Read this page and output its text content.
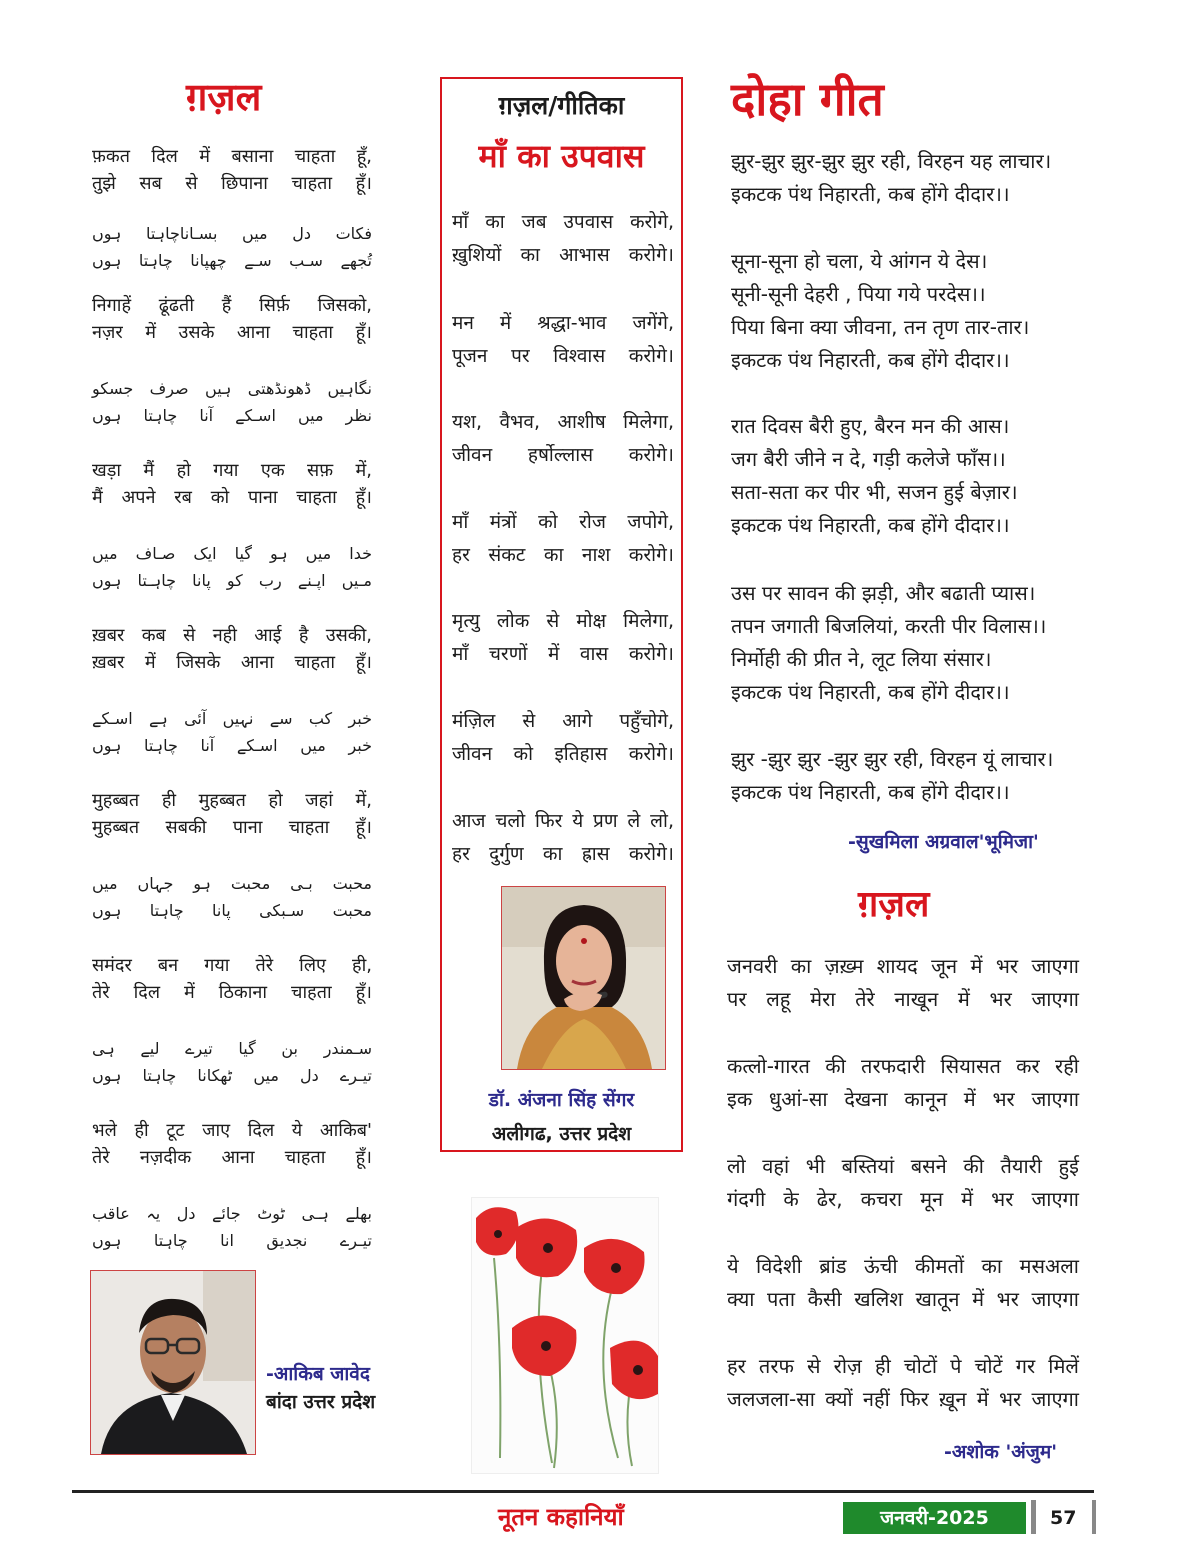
ग़ज़ल
फ़कत दिल में बसाना चाहता हूँ,
तुझे सब से छिपाना चाहता हूँ।
فکات دل میں بسـاناچاہتا ہوں
تُجھے سـب سـے چھپانا چاہتا ہوں
निगाहें ढूंढती हैं सिर्फ़ जिसको,
नज़र में उसके आना चाहता हूँ।
نگاہیں ڈھونڈھتی ہیں صرف جسکو
نظر میں اسـکے آنا چاہتا ہوں
खड़ा मैं हो गया एक सफ़ में,
मैं अपने रब को पाना चाहता हूँ।
خدا میں ہو گیا ایک صـاف میں
مـیں اپـنے رب کو پانا چاہـتا ہوں
ख़बर कब से नही आई है उसकी,
ख़बर में जिसके आना चाहता हूँ।
خبر کب سے نہیں آئی ہے اسـکے
خبر میں اسـکے آنا چاہتا ہوں
मुहब्बत ही मुहब्बत हो जहां में,
मुहब्बत सबकी पाना चाहता हूँ।
محبت بـی محبت ہو جہاں میں
محبت سـبکی پانا چاہتا ہوں
समंदर बन गया तेरे लिए ही,
तेरे दिल में ठिकाना चाहता हूँ।
سـمندر بن گیا تیرے لیے ہی
تیـرے دل میں ٹھکانا چاہتا ہوں
भले ही टूट जाए दिल ये आकिब'
तेरे नज़दीक आना चाहता हूँ।
بھلے ہـی ٹوٹ جائے دل یہ عاقب
تیـرے نجدیق انا چاہتا ہوں
-आकिब जावेद
बांदा उत्तर प्रदेश
ग़ज़ल/गीतिका
माँ का उपवास
माँ का जब उपवास करोगे,
ख़ुशियों का आभास करोगे।
मन में श्रद्धा-भाव जगेंगे,
पूजन पर विश्वास करोगे।
यश, वैभव, आशीष मिलेगा,
जीवन हर्षोल्लास करोगे।
माँ मंत्रों को रोज जपोगे,
हर संकट का नाश करोगे।
मृत्यु लोक से मोक्ष मिलेगा,
माँ चरणों में वास करोगे।
मंज़िल से आगे पहुँचोगे,
जीवन को इतिहास करोगे।
आज चलो फिर ये प्रण ले लो,
हर दुर्गुण का ह्रास करोगे।
डॉ. अंजना सिंह सेंगर
अलीगढ, उत्तर प्रदेश
दोहा गीत
झुर-झुर झुर-झुर झुर रही, विरहन यह लाचार।
इकटक पंथ निहारती, कब होंगे दीदार।।
सूना-सूना हो चला, ये आंगन ये देस।
सूनी-सूनी देहरी , पिया गये परदेस।।
पिया बिना क्या जीवना, तन तृण तार-तार।
इकटक पंथ निहारती, कब होंगे दीदार।।
रात दिवस बैरी हुए, बैरन मन की आस।
जग बैरी जीने न दे, गड़ी कलेजे फाँस।।
सता-सता कर पीर भी, सजन हुई बेज़ार।
इकटक पंथ निहारती, कब होंगे दीदार।।
उस पर सावन की झड़ी, और बढाती प्यास।
तपन जगाती बिजलियां, करती पीर विलास।।
निर्मोही की प्रीत ने, लूट लिया संसार।
इकटक पंथ निहारती, कब होंगे दीदार।।
झुर -झुर झुर -झुर झुर रही, विरहन यूं लाचार।
इकटक पंथ निहारती, कब होंगे दीदार।।
-सुखमिला अग्रवाल'भूमिजा'
ग़ज़ल
जनवरी का ज़ख़्म शायद जून में भर जाएगा
पर लहू मेरा तेरे नाखून में भर जाएगा
कत्लो-गारत की तरफदारी सियासत कर रही
इक धुआं-सा देखना कानून में भर जाएगा
लो वहां भी बस्तियां बसने की तैयारी हुई
गंदगी के ढेर, कचरा मून में भर जाएगा
ये विदेशी ब्रांड ऊंची कीमतों का मसअला
क्या पता कैसी खलिश खातून में भर जाएगा
हर तरफ से रोज़ ही चोटों पे चोटें गर मिलें
जलजला-सा क्यों नहीं फिर ख़ून में भर जाएगा
-अशोक 'अंजुम'
नूतन कहानियाँ	जनवरी-2025	57
